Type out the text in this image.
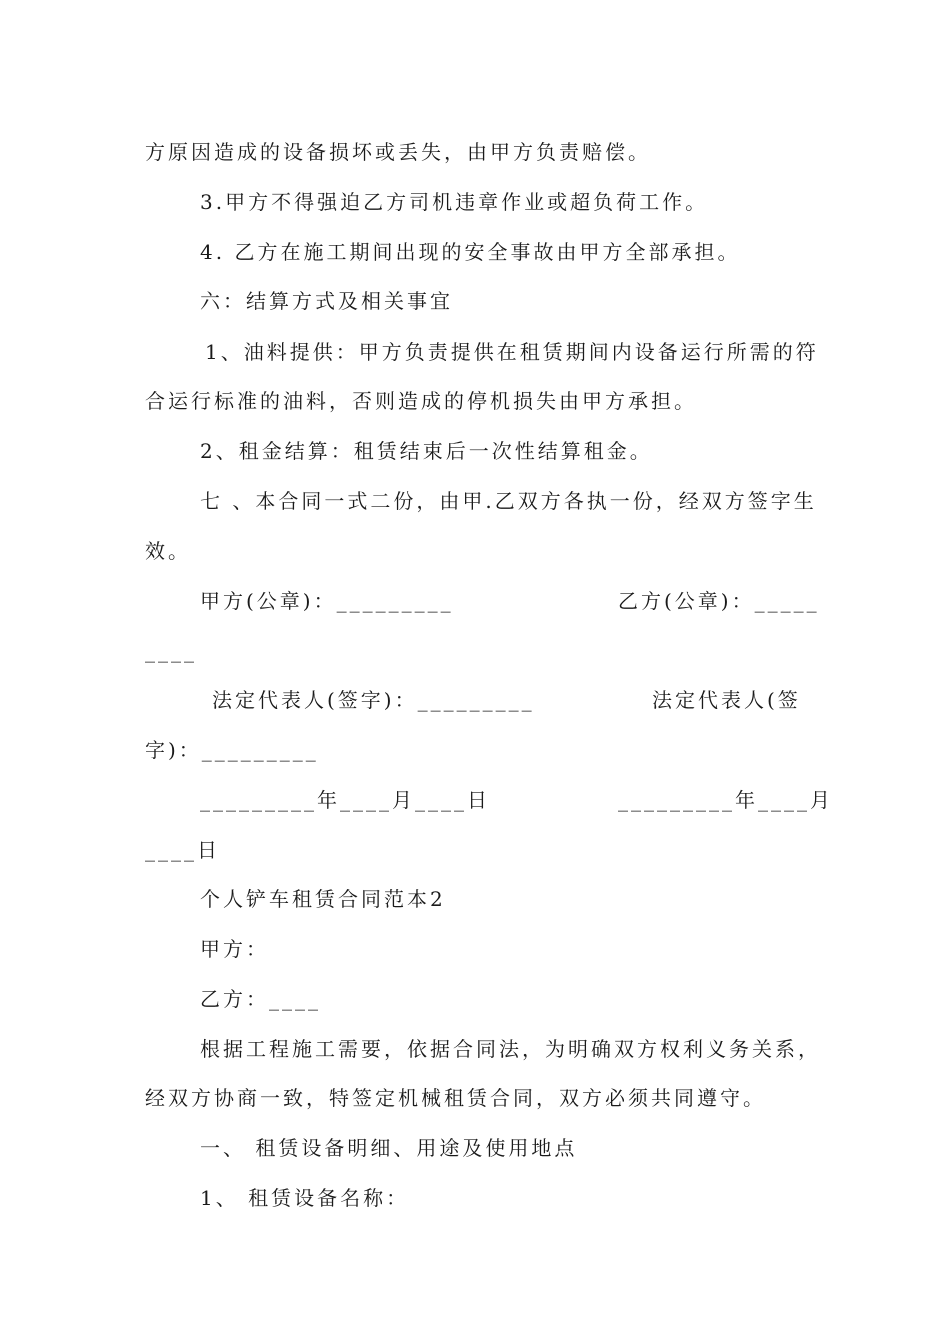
方原因造成的设备损坏或丢失，由甲方负责赔偿。

3.甲方不得强迫乙方司机违章作业或超负荷工作。

4. 乙方在施工期间出现的安全事故由甲方全部承担。

六：结算方式及相关事宜

1、油料提供：甲方负责提供在租赁期间内设备运行所需的符

合运行标准的油料，否则造成的停机损失由甲方承担。

2、租金结算：租赁结束后一次性结算租金。

七 、本合同一式二份，由甲.乙双方各执一份，经双方签字生

效。

甲方(公章)：_________	乙方(公章)：_____

____

法定代表人(签字)：_________	法定代表人(签

字)：_________

_________年____月____日	_________年____月

____日

个人铲车租赁合同范本2

甲方：

乙方：____

根据工程施工需要，依据合同法，为明确双方权利义务关系，

经双方协商一致，特签定机械租赁合同，双方必须共同遵守。

一、 租赁设备明细、用途及使用地点

1、 租赁设备名称：
